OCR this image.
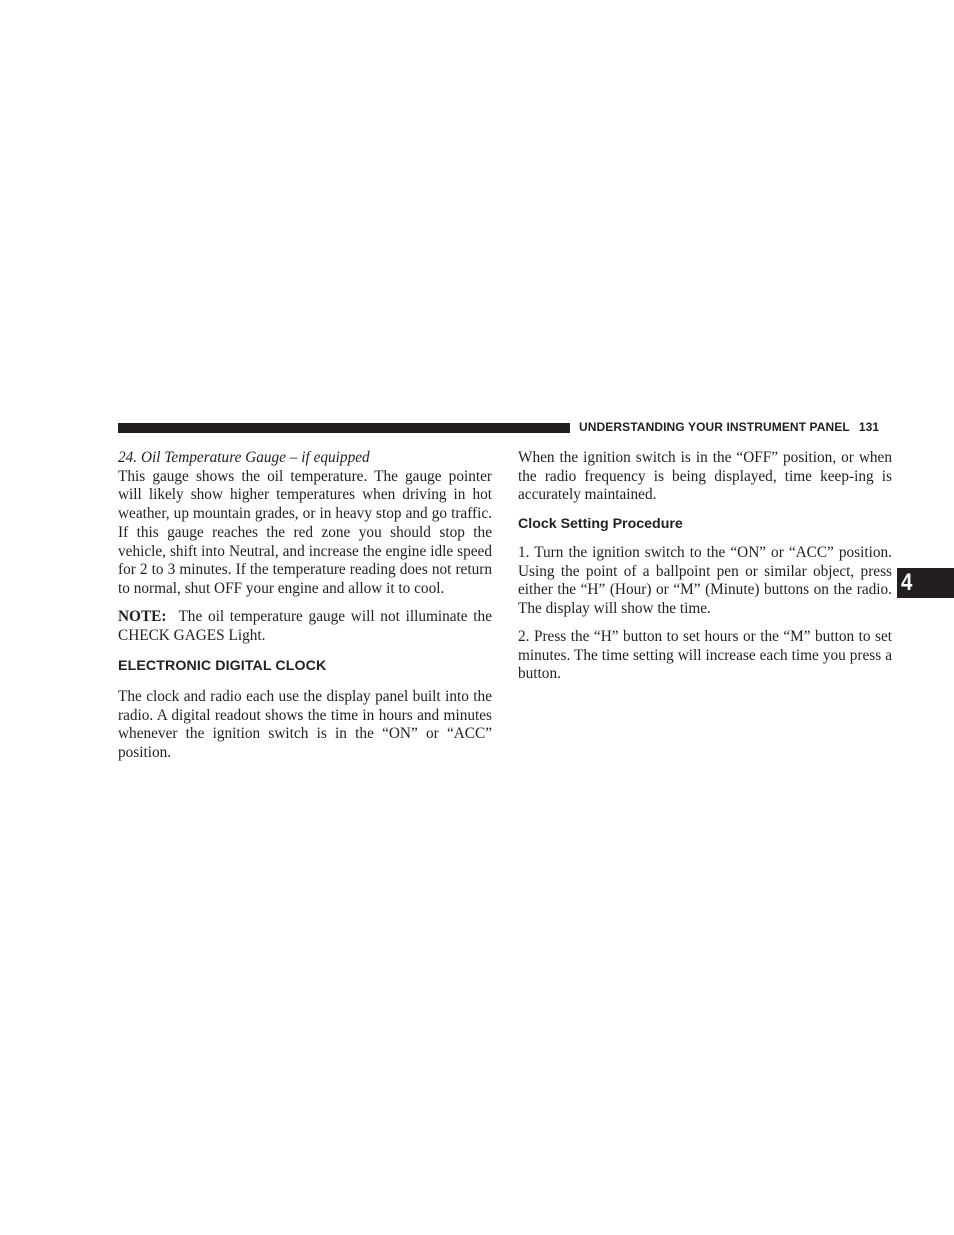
UNDERSTANDING YOUR INSTRUMENT PANEL 131

24. Oil Temperature Gauge – if equipped

This gauge shows the oil temperature. The gauge pointer will likely show higher temperatures when driving in hot weather, up mountain grades, or in heavy stop and go traffic. If this gauge reaches the red zone you should stop the vehicle, shift into Neutral, and increase the engine idle speed for 2 to 3 minutes. If the temperature reading does not return to normal, shut OFF your engine and allow it to cool.

NOTE: The oil temperature gauge will not illuminate the CHECK GAGES Light.

ELECTRONIC DIGITAL CLOCK

The clock and radio each use the display panel built into the radio. A digital readout shows the time in hours and minutes whenever the ignition switch is in the “ON” or “ACC” position.

When the ignition switch is in the “OFF” position, or when the radio frequency is being displayed, time keep-ing is accurately maintained.

Clock Setting Procedure

1. Turn the ignition switch to the “ON” or “ACC” position. Using the point of a ballpoint pen or similar object, press either the “H” (Hour) or “M” (Minute) buttons on the radio. The display will show the time.

2. Press the “H” button to set hours or the “M” button to set minutes. The time setting will increase each time you press a button.

4
